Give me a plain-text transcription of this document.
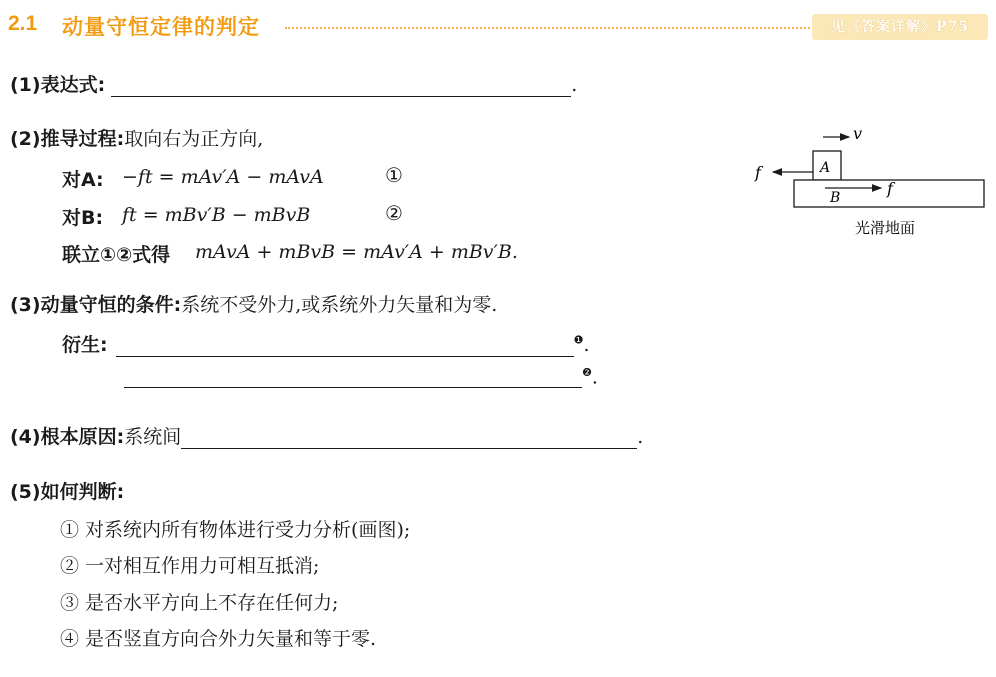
2.1 动量守恒定律的判定	见《答案详解》P75
(1)表达式:	.
(2)推导过程:取向右为正方向,
对A: −ft = mAv′A − mAvA	①
对B: ft = mBv′B − mBvB	②
联立①②式得 mAvA + mBvB = mAv′A + mBv′B.
v
A
f
B	f
光滑地面
(3)动量守恒的条件:系统不受外力,或系统外力矢量和为零.
衍生:	$^❶$.
$^❷$.
(4)根本原因:系统间	.
(5)如何判断:
① 对系统内所有物体进行受力分析(画图);
② 一对相互作用力可相互抵消;
③ 是否水平方向上不存在任何力;
④ 是否竖直方向合外力矢量和等于零.
